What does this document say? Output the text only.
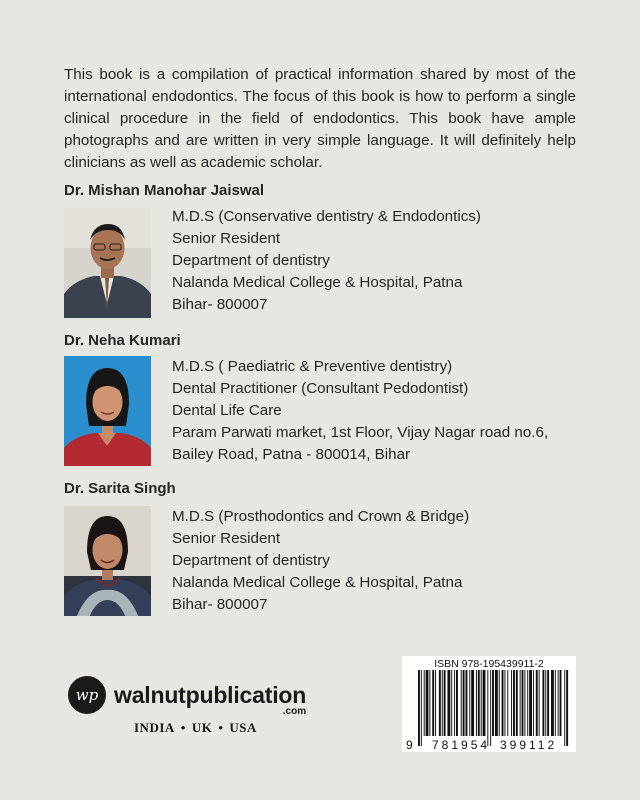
This book is a compilation of practical information shared by most of the international endodontics. The focus of this book is how to perform a single clinical procedure in the field of endodontics. This book have ample photographs and are written in very simple language. It will definitely help clinicians as well as academic scholar.

Dr. Mishan Manohar Jaiswal
M.D.S (Conservative dentistry & Endodontics)
Senior Resident
Department of dentistry
Nalanda Medical College & Hospital, Patna
Bihar- 800007
Dr. Neha Kumari
M.D.S ( Paediatric & Preventive dentistry)
Dental Practitioner (Consultant Pedodontist)
Dental Life Care
Param Parwati market, 1st Floor, Vijay Nagar road no.6,
Bailey Road, Patna - 800014, Bihar
Dr. Sarita Singh
M.D.S (Prosthodontics and Crown & Bridge)
Senior Resident
Department of dentistry
Nalanda Medical College & Hospital, Patna
Bihar- 800007
wp walnutpublication
.com
INDIA • UK • USA
ISBN 978-195439911-2
9 781954 399112
